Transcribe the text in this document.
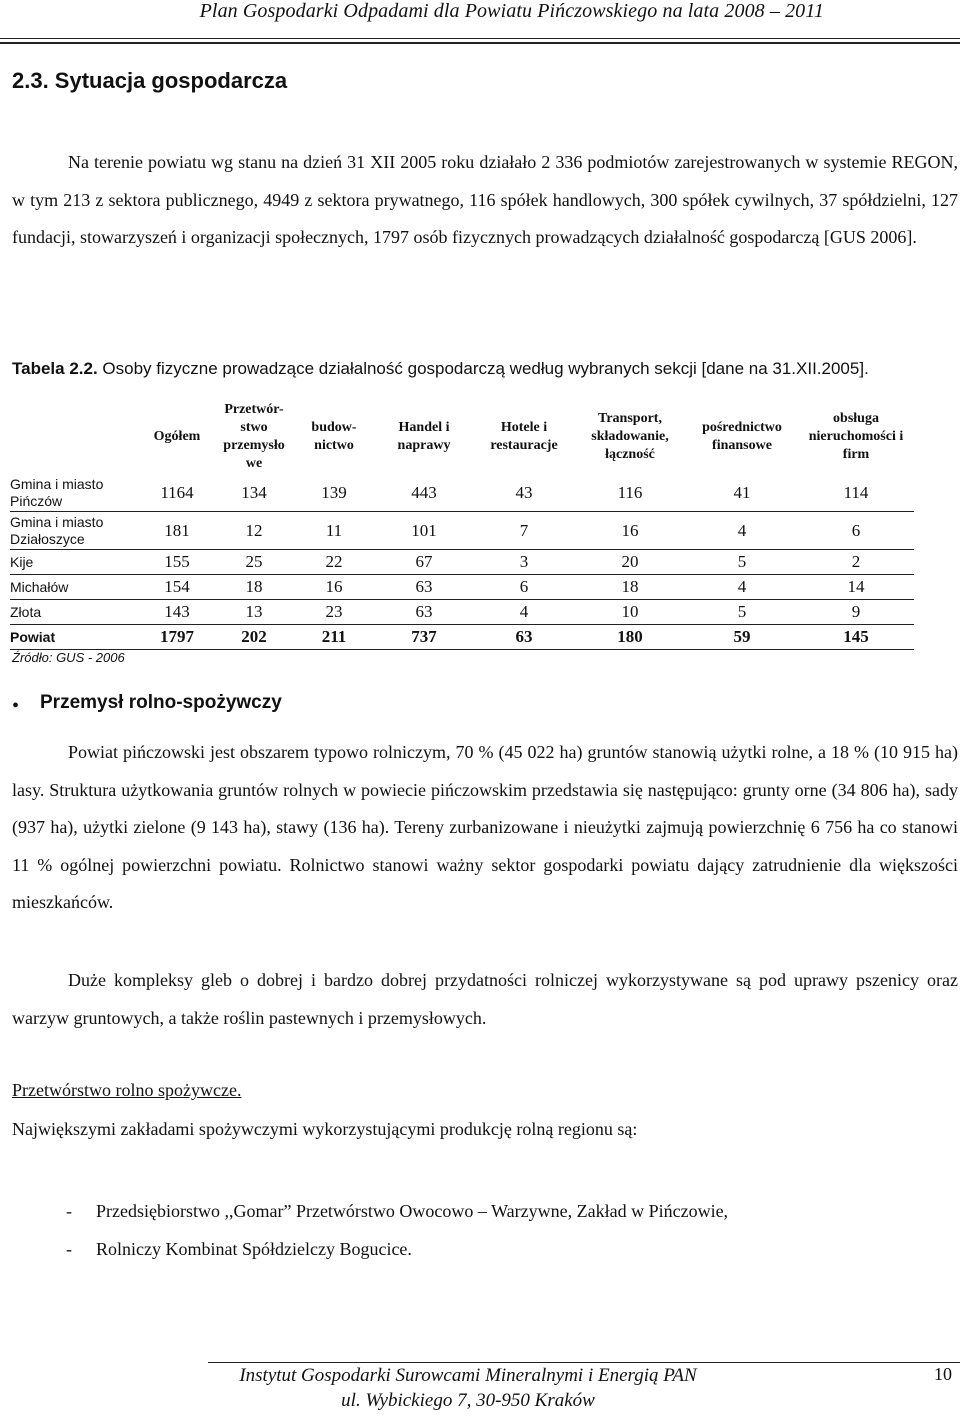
Plan Gospodarki Odpadami dla Powiatu Pińczowskiego na lata 2008 – 2011
2.3. Sytuacja gospodarcza
Na terenie powiatu wg stanu na dzień 31 XII 2005 roku działało 2 336 podmiotów zarejestrowanych w systemie REGON, w tym 213 z sektora publicznego, 4949 z sektora prywatnego, 116 spółek handlowych, 300 spółek cywilnych, 37 spółdzielni, 127 fundacji, stowarzyszeń i organizacji społecznych, 1797 osób fizycznych prowadzących działalność gospodarczą [GUS 2006].
Tabela 2.2. Osoby fizyczne prowadzące działalność gospodarczą według wybranych sekcji [dane na 31.XII.2005].
	Ogółem	Przetwór-stwo przemysło we	budow-nictwo	Handel i naprawy	Hotele i restauracje	Transport, składowanie, łączność	pośrednictwo finansowe	obsługa nieruchomości i firm
Gmina i miasto Pińczów	1164	134	139	443	43	116	41	114
Gmina i miasto Działoszyce	181	12	11	101	7	16	4	6
Kije	155	25	22	67	3	20	5	2
Michałów	154	18	16	63	6	18	4	14
Złota	143	13	23	63	4	10	5	9
Powiat	1797	202	211	737	63	180	59	145
Źródło: GUS - 2006
• Przemysł rolno-spożywczy
Powiat pińczowski jest obszarem typowo rolniczym, 70 % (45 022 ha) gruntów stanowią użytki rolne, a 18 % (10 915 ha) lasy. Struktura użytkowania gruntów rolnych w powiecie pińczowskim przedstawia się następująco: grunty orne (34 806 ha), sady (937 ha), użytki zielone (9 143 ha), stawy (136 ha). Tereny zurbanizowane i nieużytki zajmują powierzchnię 6 756 ha co stanowi 11 % ogólnej powierzchni powiatu. Rolnictwo stanowi ważny sektor gospodarki powiatu dający zatrudnienie dla większości mieszkańców.
Duże kompleksy gleb o dobrej i bardzo dobrej przydatności rolniczej wykorzystywane są pod uprawy pszenicy oraz warzyw gruntowych, a także roślin pastewnych i przemysłowych.
Przetwórstwo rolno spożywcze.
Największymi zakładami spożywczymi wykorzystującymi produkcję rolną regionu są:
- Przedsiębiorstwo ,,Gomar” Przetwórstwo Owocowo – Warzywne, Zakład w Pińczowie,
- Rolniczy Kombinat Spółdzielczy Bogucice.
Instytut Gospodarki Surowcami Mineralnymi i Energią PAN
ul. Wybickiego 7, 30-950 Kraków
10
